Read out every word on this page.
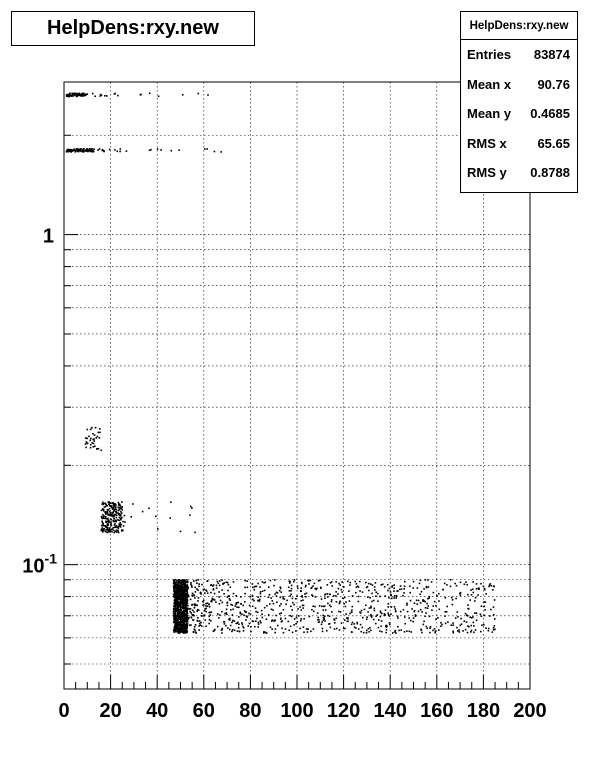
0 20 40 60 80 100 120 140 160 180 200
1
$10^{-1}$
HelpDens:rxy.new	HelpDens:rxy.new
Entries 83874
Mean x 90.76
Mean y 0.4685
RMS x 65.65
RMS y 0.8788
